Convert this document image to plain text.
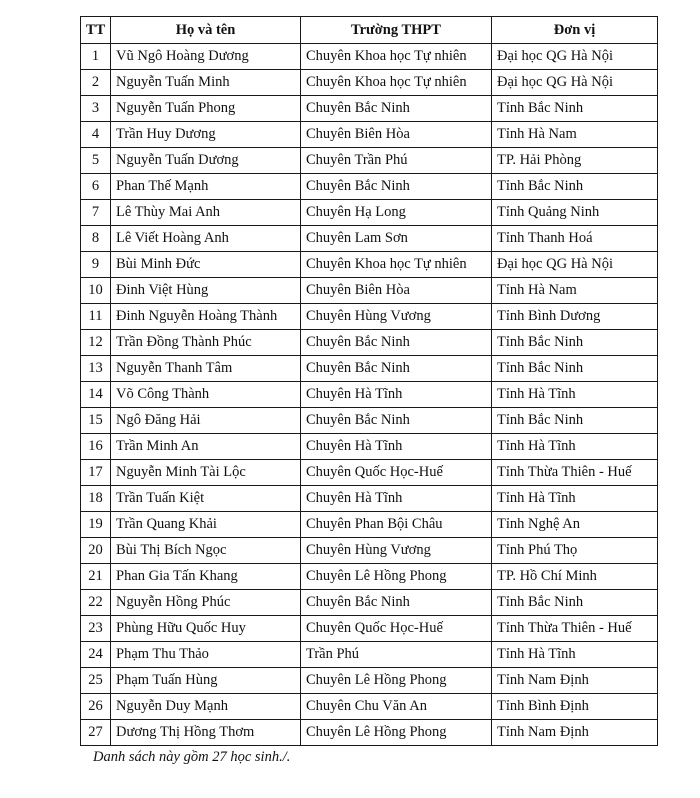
TT	Họ và tên	Trường THPT	Đơn vị
1	Vũ Ngô Hoàng Dương	Chuyên Khoa học Tự nhiên	Đại học QG Hà Nội
2	Nguyễn Tuấn Minh	Chuyên Khoa học Tự nhiên	Đại học QG Hà Nội
3	Nguyễn Tuấn Phong	Chuyên Bắc Ninh	Tỉnh Bắc Ninh
4	Trần Huy Dương	Chuyên Biên Hòa	Tỉnh Hà Nam
5	Nguyễn Tuấn Dương	Chuyên Trần Phú	TP. Hải Phòng
6	Phan Thế Mạnh	Chuyên Bắc Ninh	Tỉnh Bắc Ninh
7	Lê Thùy Mai Anh	Chuyên Hạ Long	Tỉnh Quảng Ninh
8	Lê Viết Hoàng Anh	Chuyên Lam Sơn	Tỉnh Thanh Hoá
9	Bùi Minh Đức	Chuyên Khoa học Tự nhiên	Đại học QG Hà Nội
10	Đinh Việt Hùng	Chuyên Biên Hòa	Tỉnh Hà Nam
11	Đinh Nguyễn Hoàng Thành	Chuyên Hùng Vương	Tỉnh Bình Dương
12	Trần Đồng Thành Phúc	Chuyên Bắc Ninh	Tỉnh Bắc Ninh
13	Nguyễn Thanh Tâm	Chuyên Bắc Ninh	Tỉnh Bắc Ninh
14	Võ Công Thành	Chuyên Hà Tĩnh	Tỉnh Hà Tĩnh
15	Ngô Đăng Hải	Chuyên Bắc Ninh	Tỉnh Bắc Ninh
16	Trần Minh An	Chuyên Hà Tĩnh	Tỉnh Hà Tĩnh
17	Nguyễn Minh Tài Lộc	Chuyên Quốc Học-Huế	Tỉnh Thừa Thiên - Huế
18	Trần Tuấn Kiệt	Chuyên Hà Tĩnh	Tỉnh Hà Tĩnh
19	Trần Quang Khải	Chuyên Phan Bội Châu	Tỉnh Nghệ An
20	Bùi Thị Bích Ngọc	Chuyên Hùng Vương	Tỉnh Phú Thọ
21	Phan Gia Tấn Khang	Chuyên Lê Hồng Phong	TP. Hồ Chí Minh
22	Nguyễn Hồng Phúc	Chuyên Bắc Ninh	Tỉnh Bắc Ninh
23	Phùng Hữu Quốc Huy	Chuyên Quốc Học-Huế	Tỉnh Thừa Thiên - Huế
24	Phạm Thu Thảo	Trần Phú	Tỉnh Hà Tĩnh
25	Phạm Tuấn Hùng	Chuyên Lê Hồng Phong	Tỉnh Nam Định
26	Nguyễn Duy Mạnh	Chuyên Chu Văn An	Tỉnh Bình Định
27	Dương Thị Hồng Thơm	Chuyên Lê Hồng Phong	Tỉnh Nam Định
Danh sách này gồm 27 học sinh./.
